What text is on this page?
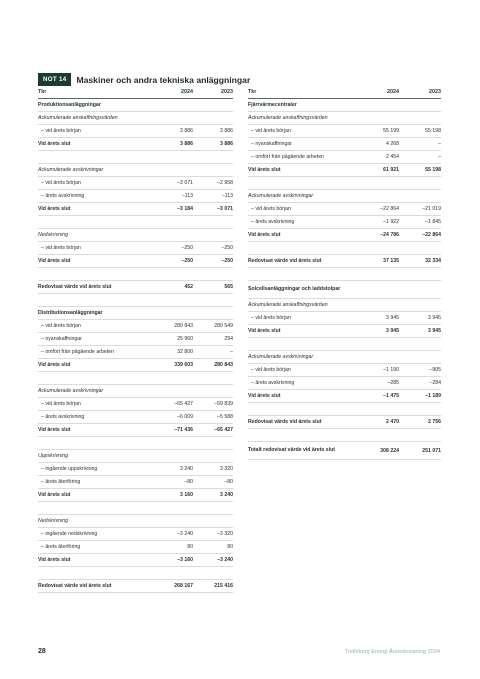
NOT 14	Maskiner och andra tekniska anläggningar
Tkr	2024	2023
Produktionsanläggningar
Ackumulerade anskaffningsvärden
– vid årets början	3 886	3 886
Vid årets slut	3 886	3 886
Ackumulerade avskrivningar
– vid årets början	–3 071	–2 958
– årets avskrivning	–113	–113
Vid årets slut	–3 184	–3 071
Nedskrivning
– vid årets början	–250	–250
Vid årets slut	–250	–250
Redovisat värde vid årets slut	452	565
Distributionsanläggningar
– vid årets början	280 843	280 549
– nyanskaffningar	25 960	294
– omfört från pågående arbeten	32 800	–
Vid årets slut	339 603	280 843
Ackumulerade avskrivningar
– vid årets början	–65 427	–59 839
– årets avskrivning	–6 009	–5 588
Vid årets slut	–71 436	–65 427
Uppskrivning
– ingående uppskrivning	3 240	3 320
– årets återföring	–80	–80
Vid årets slut	3 160	3 240
Nedskrivning
– ingående nedskrivning	–3 240	–3 320
– årets återföring	80	80
Vid årets slut	–3 160	–3 240
Redovisat värde vid årets slut	268 167	215 416
Tkr	2024	2023
Fjärrvärmecentraler
Ackumulerade anskaffningsvärden
– vid årets början	55 199	55 198
– nyanskaffningar	4 268	–
– omfört från pågående arbeten	2 454	–
Vid årets slut	61 921	55 198
Ackumulerade avskrivningar
– vid årets början	–22 864	–21 019
– årets avskrivning	–1 922	–1 845
Vid årets slut	–24 786	–22 864
Redovisat värde vid årets slut	37 135	32 334
Solcellsanläggningar och laddstolpar
Ackumulerade anskaffningsvärden
– vid årets början	3 945	3 945
Vid årets slut	3 945	3 945
Ackumulerade avskrivningar
– vid årets början	–1 190	–905
– årets avskrivning	–285	–284
Vid årets slut	–1 475	–1 189
Redovisat värde vid årets slut	2 470	2 756
Totalt redovisat värde vid årets slut	308 224	251 071
28	Trelleborg Energi Årsredovisning 2024
